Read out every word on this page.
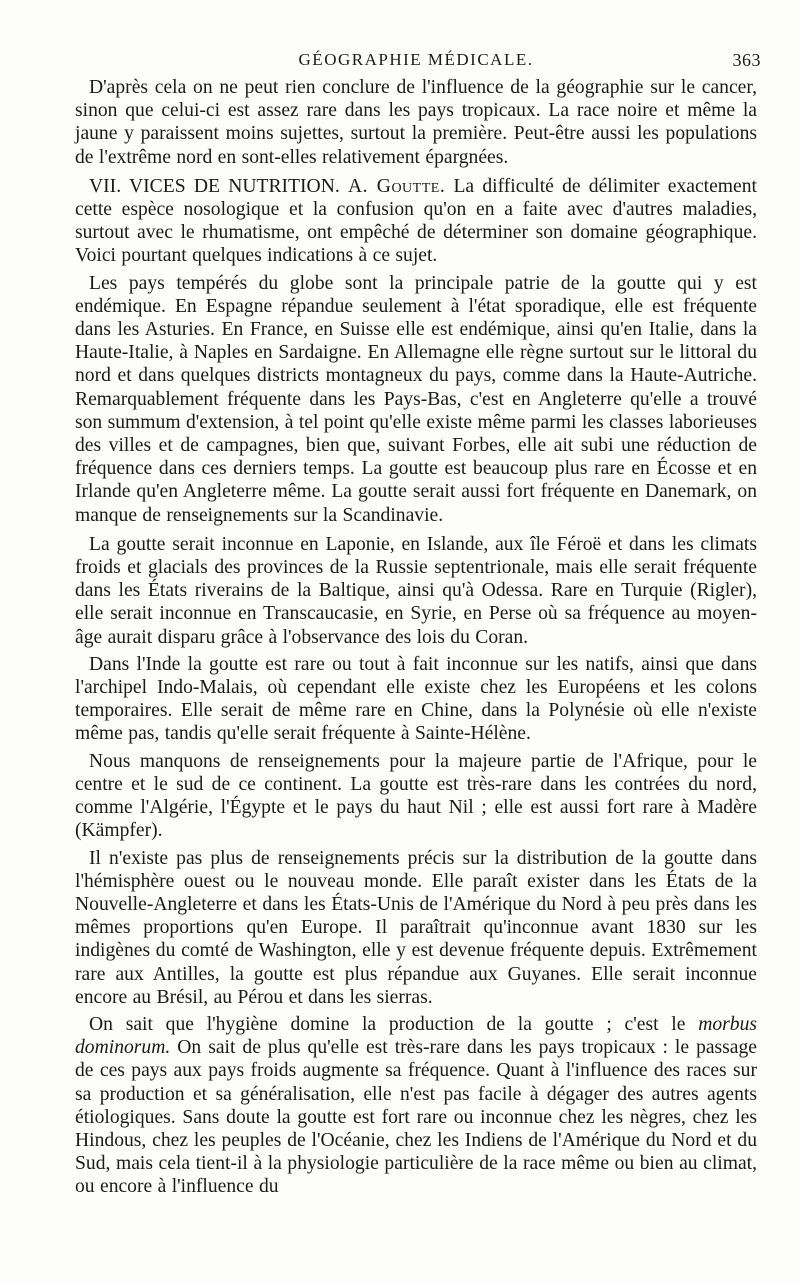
GÉOGRAPHIE MÉDICALE.	363

D'après cela on ne peut rien conclure de l'influence de la géographie sur le cancer, sinon que celui-ci est assez rare dans les pays tropicaux. La race noire et même la jaune y paraissent moins sujettes, surtout la première. Peut-être aussi les populations de l'extrême nord en sont-elles relativement épargnées.

VII. VICES DE NUTRITION. A. Goutte. La difficulté de délimiter exactement cette espèce nosologique et la confusion qu'on en a faite avec d'autres maladies, surtout avec le rhumatisme, ont empêché de déterminer son domaine géographique. Voici pourtant quelques indications à ce sujet.

Les pays tempérés du globe sont la principale patrie de la goutte qui y est endémique. En Espagne répandue seulement à l'état sporadique, elle est fréquente dans les Asturies. En France, en Suisse elle est endémique, ainsi qu'en Italie, dans la Haute-Italie, à Naples en Sardaigne. En Allemagne elle règne surtout sur le littoral du nord et dans quelques districts montagneux du pays, comme dans la Haute-Autriche. Remarquablement fréquente dans les Pays-Bas, c'est en Angleterre qu'elle a trouvé son summum d'extension, à tel point qu'elle existe même parmi les classes laborieuses des villes et de campagnes, bien que, suivant Forbes, elle ait subi une réduction de fréquence dans ces derniers temps. La goutte est beaucoup plus rare en Écosse et en Irlande qu'en Angleterre même. La goutte serait aussi fort fréquente en Danemark, on manque de renseignements sur la Scandinavie.

La goutte serait inconnue en Laponie, en Islande, aux île Féroë et dans les climats froids et glacials des provinces de la Russie septentrionale, mais elle serait fréquente dans les États riverains de la Baltique, ainsi qu'à Odessa. Rare en Turquie (Rigler), elle serait inconnue en Transcaucasie, en Syrie, en Perse où sa fréquence au moyen-âge aurait disparu grâce à l'observance des lois du Coran.

Dans l'Inde la goutte est rare ou tout à fait inconnue sur les natifs, ainsi que dans l'archipel Indo-Malais, où cependant elle existe chez les Européens et les colons temporaires. Elle serait de même rare en Chine, dans la Polynésie où elle n'existe même pas, tandis qu'elle serait fréquente à Sainte-Hélène.

Nous manquons de renseignements pour la majeure partie de l'Afrique, pour le centre et le sud de ce continent. La goutte est très-rare dans les contrées du nord, comme l'Algérie, l'Égypte et le pays du haut Nil ; elle est aussi fort rare à Madère (Kämpfer).

Il n'existe pas plus de renseignements précis sur la distribution de la goutte dans l'hémisphère ouest ou le nouveau monde. Elle paraît exister dans les États de la Nouvelle-Angleterre et dans les États-Unis de l'Amérique du Nord à peu près dans les mêmes proportions qu'en Europe. Il paraîtrait qu'inconnue avant 1830 sur les indigènes du comté de Washington, elle y est devenue fréquente depuis. Extrêmement rare aux Antilles, la goutte est plus répandue aux Guyanes. Elle serait inconnue encore au Brésil, au Pérou et dans les sierras.

On sait que l'hygiène domine la production de la goutte ; c'est le morbus dominorum. On sait de plus qu'elle est très-rare dans les pays tropicaux : le passage de ces pays aux pays froids augmente sa fréquence. Quant à l'influence des races sur sa production et sa généralisation, elle n'est pas facile à dégager des autres agents étiologiques. Sans doute la goutte est fort rare ou inconnue chez les nègres, chez les Hindous, chez les peuples de l'Océanie, chez les Indiens de l'Amérique du Nord et du Sud, mais cela tient-il à la physiologie particulière de la race même ou bien au climat, ou encore à l'influence du
